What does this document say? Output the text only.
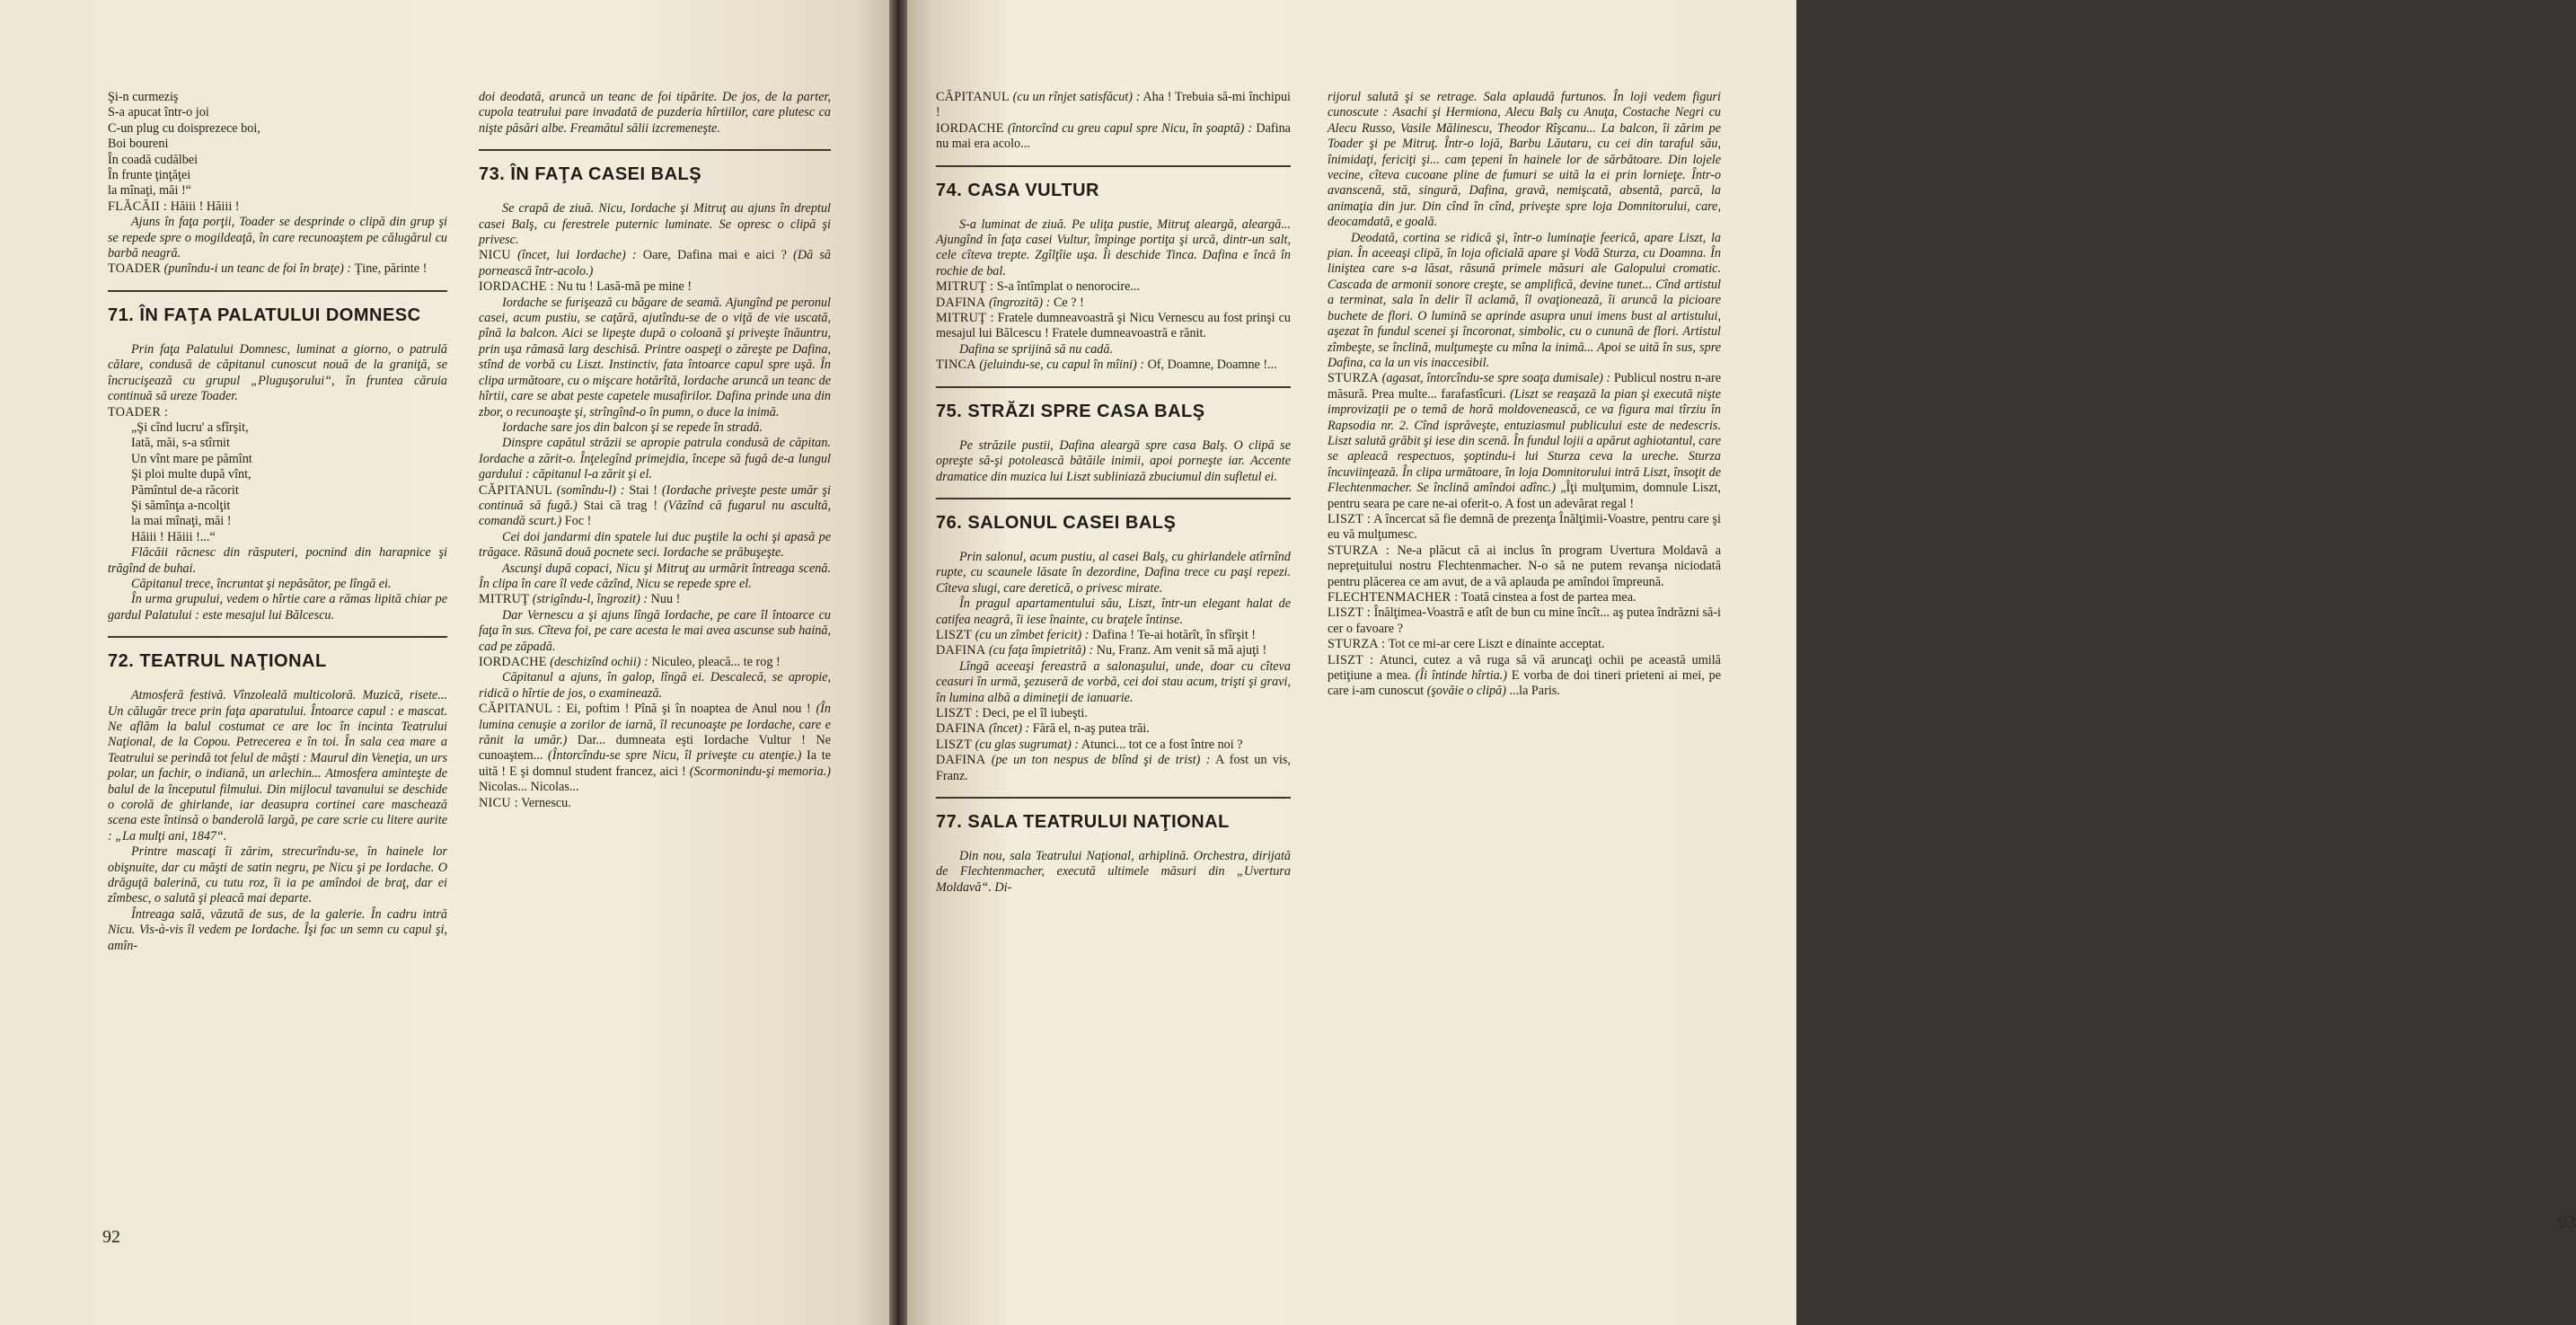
Şi-n curmeziş
S-a apucat într-o joi
C-un plug cu doisprezece boi,
Boi boureni
În coadă cudălbei
În frunte ţinţăţei
la mînaţi, măi !“
FLĂCĂII : Hăiii ! Hăiii !
Ajuns în faţa porţii, Toader se desprinde o clipă din grup şi se repede spre o mogildeaţă, în care recunoaştem pe călugărul cu barbă neagră.
TOADER (punîndu-i un teanc de foi în braţe) : Ţine, părinte !
71. ÎN FAŢA PALATULUI DOMNESC
Prin faţa Palatului Domnesc, luminat a giorno, o patrulă călare, condusă de căpitanul cunoscut nouă de la graniţă, se încrucişează cu grupul „Pluguşorului“, în fruntea căruia continuă să ureze Toader.
TOADER :
„Şi cînd lucru' a sfîrşit,
Iată, măi, s-a stîrnit
Un vînt mare pe pămînt
Şi ploi multe după vînt,
Pămîntul de-a răcorit
Şi sămînţa a-ncolţit
la mai mînaţi, măi !
Hăiii ! Hăiii !...“
Flăcăii răcnesc din răsputeri, pocnind din harapnice şi trăgînd de buhai.
Căpitanul trece, încruntat şi nepăsător, pe lîngă ei.
În urma grupului, vedem o hîrtie care a rămas lipită chiar pe gardul Palatului : este mesajul lui Bălcescu.
72. TEATRUL NAŢIONAL
Atmosferă festivă. Vînzoleală multicoloră. Muzică, risete... Un călugăr trece prin faţa aparatului. Întoarce capul : e mascat. Ne aflăm la balul costumat ce are loc în incinta Teatrului Naţional, de la Copou. Petrecerea e în toi. În sala cea mare a Teatrului se perindă tot felul de măşti : Maurul din Veneţia, un urs polar, un fachir, o indiană, un arlechin... Atmosfera aminteşte de balul de la începutul filmului. Din mijlocul tavanului se deschide o corolă de ghirlande, iar deasupra cortinei care maschează scena este întinsă o banderolă largă, pe care scrie cu litere aurite : „La mulţi ani, 1847“.
Printre mascaţi îi zărim, strecurîndu-se, în hainele lor obişnuite, dar cu măşti de satin negru, pe Nicu şi pe Iordache. O drăguţă balerină, cu tutu roz, îi ia pe amîndoi de braţ, dar ei zîmbesc, o salută şi pleacă mai departe.
Întreaga sală, văzută de sus, de la galerie. În cadru intră Nicu. Vis-à-vis îl vedem pe Iordache. Îşi fac un semn cu capul şi, amîn-
doi deodată, aruncă un teanc de foi tipărite. De jos, de la parter, cupola teatrului pare invadată de puzderia hîrtiilor, care plutesc ca nişte păsări albe. Freamătul sălii izcremeneşte.
73. ÎN FAŢA CASEI BALŞ
Se crapă de ziuă. Nicu, Iordache şi Mitruţ au ajuns în dreptul casei Balş, cu ferestrele puternic luminate. Se opresc o clipă şi privesc.
NICU (încet, lui Iordache) : Oare, Dafina mai e aici ? (Dă să pornească într-acolo.)
IORDACHE : Nu tu ! Lasă-mă pe mine !
Iordache se furişează cu băgare de seamă. Ajungînd pe peronul casei, acum pustiu, se caţără, ajutîndu-se de o viţă de vie uscată, pînă la balcon. Aici se lipeşte după o coloană şi priveşte înăuntru, prin uşa rămasă larg deschisă. Printre oaspeţi o zăreşte pe Dafina, stînd de vorbă cu Liszt. Instinctiv, fata întoarce capul spre uşă. În clipa următoare, cu o mişcare hotărîtă, Iordache aruncă un teanc de hîrtii, care se abat peste capetele musafirilor. Dafina prinde una din zbor, o recunoaşte şi, strîngînd-o în pumn, o duce la inimă.
Iordache sare jos din balcon şi se repede în stradă.
Dinspre capătul străzii se apropie patrula condusă de căpitan. Iordache a zărit-o. Înţelegînd primejdia, începe să fugă de-a lungul gardului : căpitanul l-a zărit şi el.
CĂPITANUL (somîndu-l) : Stai ! (Iordache priveşte peste umăr şi continuă să fugă.) Stai că trag ! (Văzînd că fugarul nu ascultă, comandă scurt.) Foc !
Cei doi jandarmi din spatele lui duc puştile la ochi şi apasă pe trăgace. Răsună două pocnete seci. Iordache se prăbuşeşte.
Ascunşi după copaci, Nicu şi Mitruţ au urmărit întreaga scenă. În clipa în care îl vede căzînd, Nicu se repede spre el.
MITRUŢ (strigîndu-l, îngrozit) : Nuu !
Dar Vernescu a şi ajuns lîngă Iordache, pe care îl întoarce cu faţa în sus. Cîteva foi, pe care acesta le mai avea ascunse sub haină, cad pe zăpadă.
IORDACHE (deschizînd ochii) : Niculeo, pleacă... te rog !
Căpitanul a ajuns, în galop, lîngă ei. Descalecă, se apropie, ridică o hîrtie de jos, o examinează.
CĂPITANUL : Ei, poftim ! Pînă şi în noaptea de Anul nou ! (În lumina cenuşie a zorilor de iarnă, îl recunoaşte pe Iordache, care e rănit la umăr.) Dar... dumneata eşti Iordache Vultur ! Ne cunoaştem... (Întorcîndu-se spre Nicu, îl priveşte cu atenţie.) Ia te uită ! E şi domnul student francez, aici ! (Scormonindu-şi memoria.) Nicolas... Nicolas...
NICU : Vernescu.
92
CĂPITANUL (cu un rînjet satisfăcut) : Aha ! Trebuia să-mi închipui !
IORDACHE (întorcînd cu greu capul spre Nicu, în şoaptă) : Dafina nu mai era acolo...
74. CASA VULTUR
S-a luminat de ziuă. Pe uliţa pustie, Mitruţ aleargă, aleargă... Ajungînd în faţa casei Vultur, împinge portiţa şi urcă, dintr-un salt, cele cîteva trepte. Zgîlţîie uşa. Îi deschide Tinca. Dafina e încă în rochie de bal.
MITRUŢ : S-a întîmplat o nenorocire...
DAFINA (îngrozită) : Ce ? !
MITRUŢ : Fratele dumneavoastră şi Nicu Vernescu au fost prinşi cu mesajul lui Bălcescu ! Fratele dumneavoastră e rănit.
Dafina se sprijină să nu cadă.
TINCA (jeluindu-se, cu capul în mîini) : Of, Doamne, Doamne !...
75. STRĂZI SPRE CASA BALŞ
Pe străzile pustii, Dafina aleargă spre casa Balş. O clipă se opreşte să-şi potolească bătăile inimii, apoi porneşte iar. Accente dramatice din muzica lui Liszt subliniază zbuciumul din sufletul ei.
76. SALONUL CASEI BALŞ
Prin salonul, acum pustiu, al casei Balş, cu ghirlandele atîrnînd rupte, cu scaunele lăsate în dezordine, Dafina trece cu paşi repezi. Cîteva slugi, care deretică, o privesc mirate.
În pragul apartamentului său, Liszt, într-un elegant halat de catifea neagră, îi iese înainte, cu braţele întinse.
LISZT (cu un zîmbet fericit) : Dafina ! Te-ai hotărît, în sfîrşit !
DAFINA (cu faţa împietrită) : Nu, Franz. Am venit să mă ajuţi !
Lîngă aceeaşi fereastră a salonaşului, unde, doar cu cîteva ceasuri în urmă, şezuseră de vorbă, cei doi stau acum, trişti şi gravi, în lumina albă a dimineţii de ianuarie.
LISZT : Deci, pe el îl iubeşti.
DAFINA (încet) : Fără el, n-aş putea trăi.
LISZT (cu glas sugrumat) : Atunci... tot ce a fost între noi ?
DAFINA (pe un ton nespus de blînd şi de trist) : A fost un vis, Franz.
77. SALA TEATRULUI NAŢIONAL
Din nou, sala Teatrului Naţional, arhiplină. Orchestra, dirijată de Flechtenmacher, execută ultimele măsuri din „Uvertura Moldavă“. Di-
rijorul salută şi se retrage. Sala aplaudă furtunos. În loji vedem figuri cunoscute : Asachi şi Hermiona, Alecu Balş cu Anuţa, Costache Negri cu Alecu Russo, Vasile Mălinescu, Theodor Rîşcanu... La balcon, îi zărim pe Toader şi pe Mitruţ. Într-o lojă, Barbu Lăutaru, cu cei din taraful său, înimidaţi, fericiţi şi... cam ţepeni în hainele lor de sărbătoare. Din lojele vecine, cîteva cucoane pline de fumuri se uită la ei prin lornieţe. Într-o avanscenă, stă, singură, Dafina, gravă, nemişcată, absentă, parcă, la animaţia din jur. Din cînd în cînd, priveşte spre loja Domnitorului, care, deocamdată, e goală.
Deodată, cortina se ridică şi, într-o luminaţie feerică, apare Liszt, la pian. În aceeaşi clipă, în loja oficială apare şi Vodă Sturza, cu Doamna. În liniştea care s-a lăsat, răsună primele măsuri ale Galopului cromatic. Cascada de armonii sonore creşte, se amplifică, devine tunet... Cînd artistul a terminat, sala în delir îl aclamă, îl ovaţionează, îi aruncă la picioare buchete de flori. O lumină se aprinde asupra unui imens bust al artistului, aşezat în fundul scenei şi încoronat, simbolic, cu o cunună de flori. Artistul zîmbeşte, se înclină, mulţumeşte cu mîna la inimă... Apoi se uită în sus, spre Dafina, ca la un vis inaccesibil.
STURZA (agasat, întorcîndu-se spre soaţa dumisale) : Publicul nostru n-are măsură. Prea multe... farafastîcuri. (Liszt se reaşază la pian şi execută nişte improvizaţii pe o temă de horă moldovenească, ce va figura mai tîrziu în Rapsodia nr. 2. Cînd isprăveşte, entuziasmul publicului este de nedescris. Liszt salută grăbit şi iese din scenă. În fundul lojii a apărut aghiotantul, care se apleacă respectuos, şoptindu-i lui Sturza ceva la ureche. Sturza încuviinţează. În clipa următoare, în loja Domnitorului intră Liszt, însoţit de Flechtenmacher. Se înclină amîndoi adînc.) „Îţi mulţumim, domnule Liszt, pentru seara pe care ne-ai oferit-o. A fost un adevărat regal !
LISZT : A încercat să fie demnă de prezenţa Înălţimii-Voastre, pentru care şi eu vă mulţumesc.
STURZA : Ne-a plăcut că ai inclus în program Uvertura Moldavă a nepreţuitului nostru Flechtenmacher. N-o să ne putem revanşa niciodată pentru plăcerea ce am avut, de a vă aplauda pe amîndoi împreună.
FLECHTENMACHER : Toată cinstea a fost de partea mea.
LISZT : Înălţimea-Voastră e atît de bun cu mine încît... aş putea îndrăzni să-i cer o favoare ?
STURZA : Tot ce mi-ar cere Liszt e dinainte acceptat.
LISZT : Atunci, cutez a vă ruga să vă aruncaţi ochii pe această umilă petiţiune a mea. (Îi întinde hîrtia.) E vorba de doi tineri prieteni ai mei, pe care i-am cunoscut (şovăie o clipă) ...la Paris.
93
